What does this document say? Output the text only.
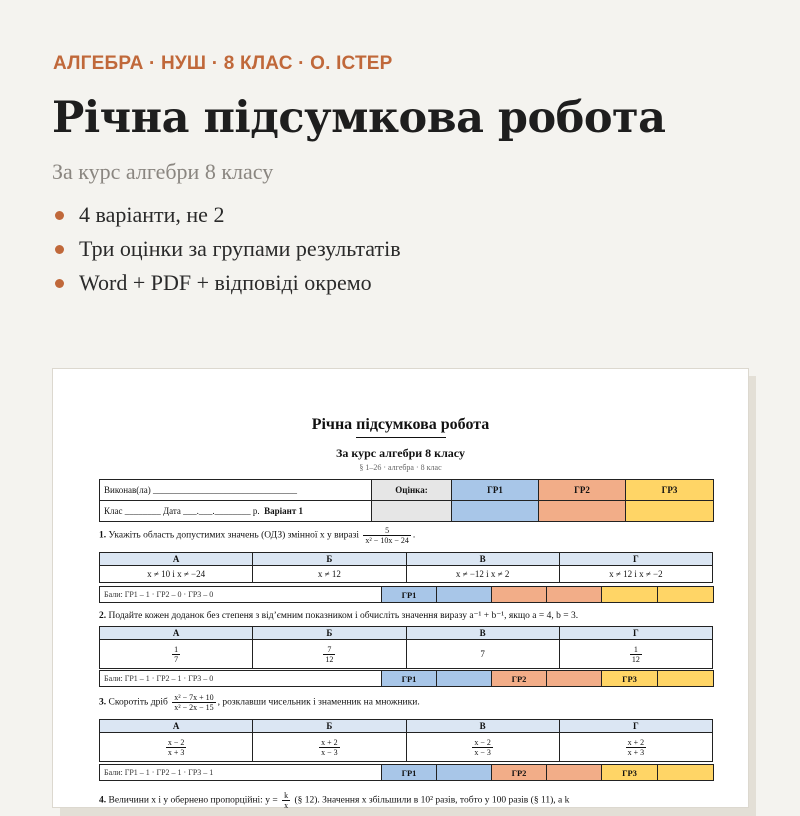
АЛГЕБРА · НУШ · 8 КЛАС · О. ІСТЕР
Річна підсумкова робота
За курс алгебри 8 класу
4 варіанти, не 2
Три оцінки за групами результатів
Word + PDF + відповіді окремо
Річна підсумкова робота
За курс алгебри 8 класу
§ 1–26 · алгебра · 8 клас
Виконав(ла) ________________________________	Оцінка:	ГР1	ГР2	ГР3
Клас ________ Дата ___.___.________ р. Варіант 1				
1. Укажіть область допустимих значень (ОДЗ) змінної x у виразі $\frac{5}{\text{x² − 10x − 24}}$ .
А	Б	В	Г
x ≠ 10 і x ≠ −24	x ≠ 12	x ≠ −12 і x ≠ 2	x ≠ 12 і x ≠ −2
Бали: ГР1 – 1 · ГР2 – 0 · ГР3 – 0	ГР1					
2. Подайте кожен доданок без степеня з від’ємним показником і обчисліть значення виразу a⁻¹ + b⁻¹, якщо a = 4, b = 3.
А	Б	В	Г

$\frac{1}{7}$	$\frac{7}{12}$	7	$\frac{1}{12}$
Бали: ГР1 – 1 · ГР2 – 1 · ГР3 – 0	ГР1		ГР2		ГР3	
3. Скоротіть дріб $\frac{\text{x² − 7x + 10}}{\text{x² − 2x − 15}}$ , розклавши чисельник і знаменник на множники.
А	Б	В	Г

$\frac{x - 2}{x + 3}$	$\frac{x + 2}{x - 3}$	$\frac{x - 2}{x - 3}$	$\frac{x + 2}{x + 3}$
Бали: ГР1 – 1 · ГР2 – 1 · ГР3 – 1	ГР1		ГР2		ГР3	
4. Величини x і y обернено пропорційні: $y = \frac{k}{x}$ (§ 12). Значення x збільшили в 10² разів, тобто у 100 разів (§ 11), а k
